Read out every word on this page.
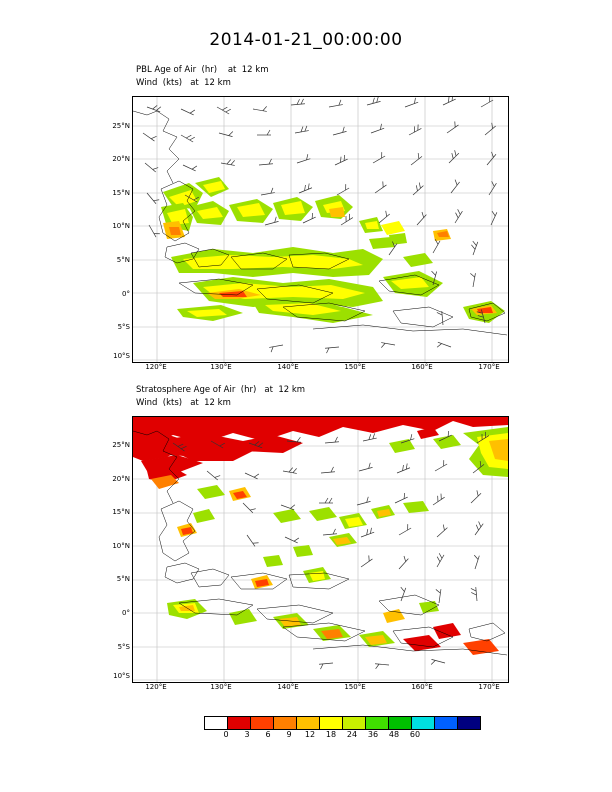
2014-01-21_00:00:00
PBL Age of Air  (hr)    at  12 km
Wind  (kts)   at  12 km
25°N
20°N
15°N
10°N
5°N
0°
5°S
10°S
120°E	130°E	140°E	150°E	160°E	170°E
Stratosphere Age of Air  (hr)   at  12 km
Wind  (kts)   at  12 km
25°N
20°N
15°N
10°N
5°N
0°
5°S
10°S
120°E	130°E	140°E	150°E	160°E	170°E
0	3	6	9	12	18	24	36	48	60
